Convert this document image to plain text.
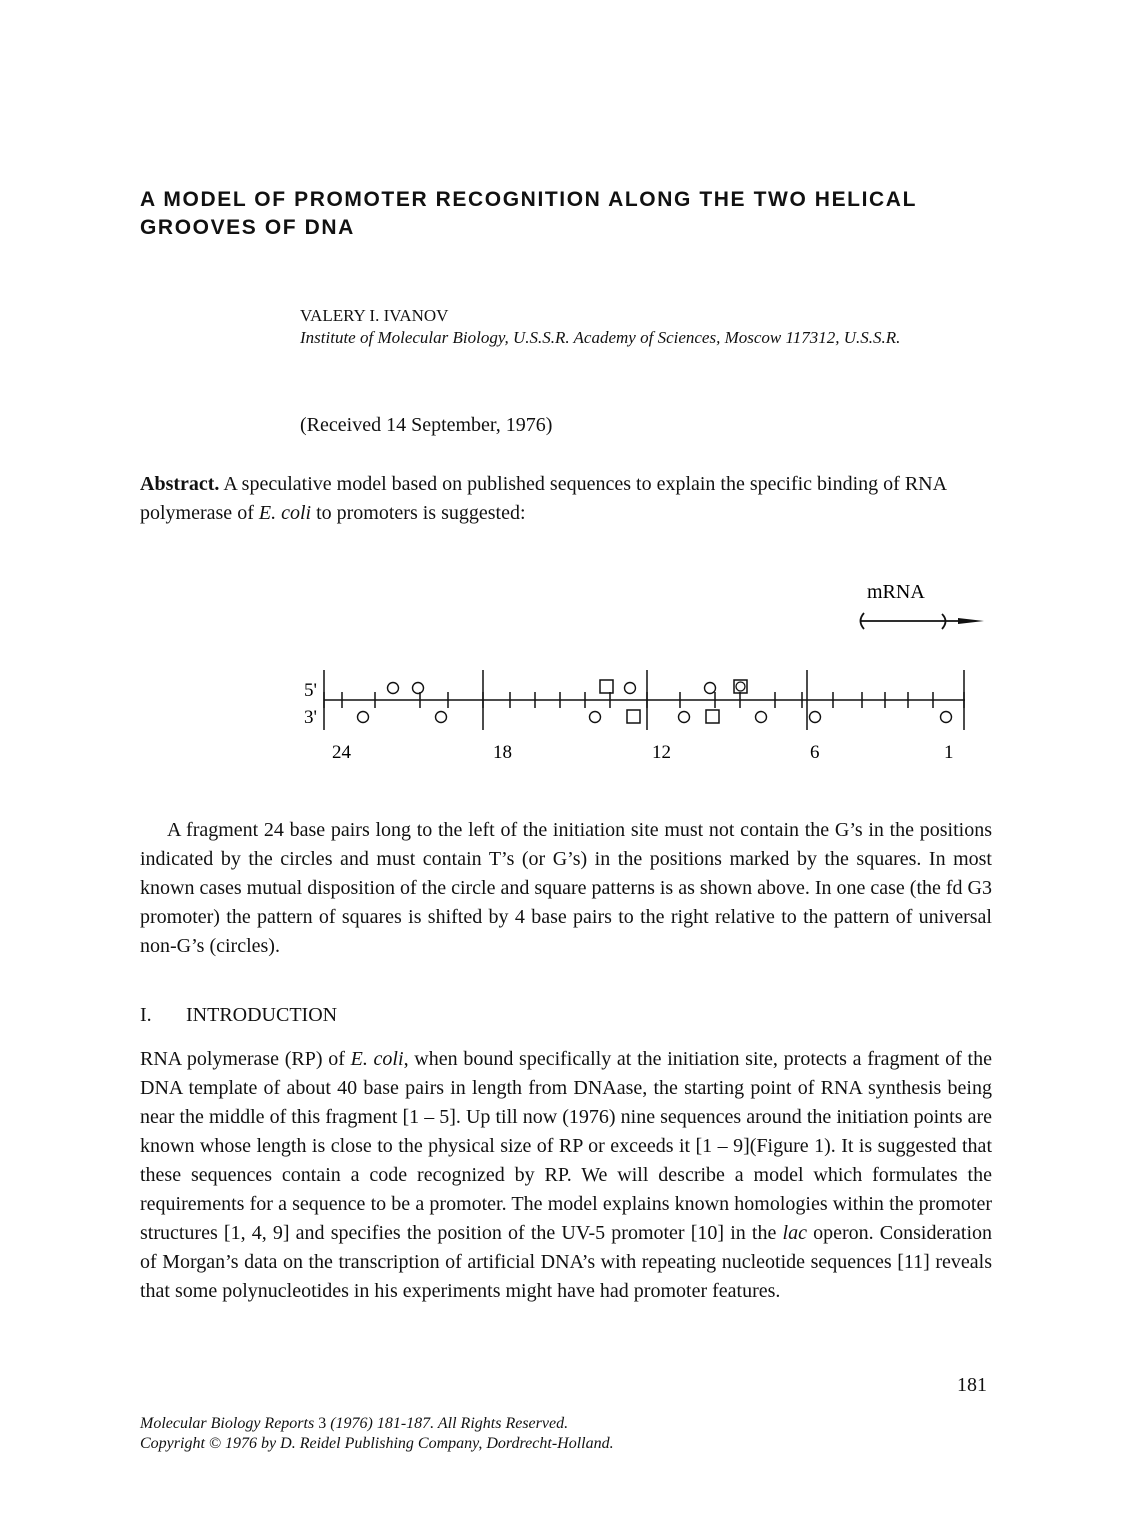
A MODEL OF PROMOTER RECOGNITION ALONG THE TWO HELICAL GROOVES OF DNA
VALERY I. IVANOV
Institute of Molecular Biology, U.S.S.R. Academy of Sciences, Moscow 117312, U.S.S.R.
(Received 14 September, 1976)

Abstract. A speculative model based on published sequences to explain the specific binding of RNA polymerase of E. coli to promoters is suggested:

mRNA
5'
3'
24	18	12	6	1

A fragment 24 base pairs long to the left of the initiation site must not contain the G’s in the positions indicated by the circles and must contain T’s (or G’s) in the positions marked by the squares. In most known cases mutual disposition of the circle and square patterns is as shown above. In one case (the fd G3 promoter) the pattern of squares is shifted by 4 base pairs to the right relative to the pattern of universal non-G’s (circles).

I. INTRODUCTION

RNA polymerase (RP) of E. coli, when bound specifically at the initiation site, protects a fragment of the DNA template of about 40 base pairs in length from DNAase, the starting point of RNA synthesis being near the middle of this fragment [1 – 5]. Up till now (1976) nine sequences around the initiation points are known whose length is close to the physical size of RP or exceeds it [1 – 9](Figure 1). It is suggested that these sequences contain a code recognized by RP. We will describe a model which formulates the requirements for a sequence to be a promoter. The model explains known homologies within the promoter structures [1, 4, 9] and specifies the position of the UV-5 promoter [10] in the lac operon. Consideration of Morgan’s data on the transcription of artificial DNA’s with repeating nucleotide sequences [11] reveals that some polynucleotides in his experiments might have had promoter features.

181
Molecular Biology Reports 3 (1976) 181-187. All Rights Reserved.
Copyright © 1976 by D. Reidel Publishing Company, Dordrecht-Holland.
